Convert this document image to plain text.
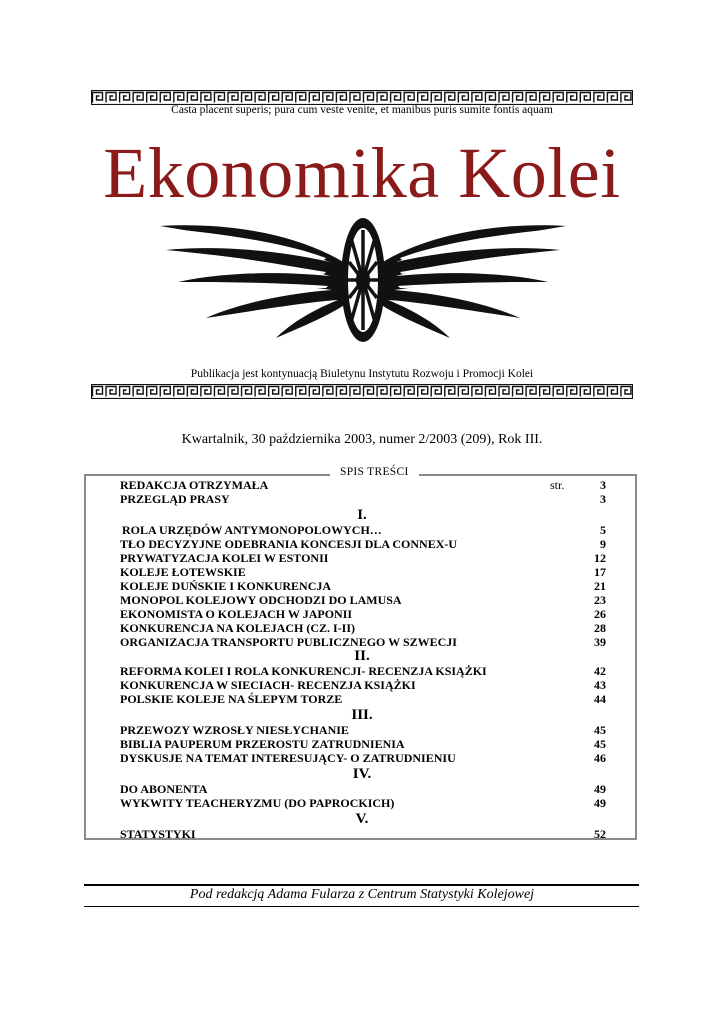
Casta placent superis; pura cum veste venite, et manibus puris sumite fontis aquam
Ekonomika Kolei
Publikacja jest kontynuacją Biuletynu Instytutu Rozwoju i Promocji Kolei
Kwartalnik, 30 października 2003, numer 2/2003 (209), Rok III.
SPIS TREŚCI
REDAKCJA OTRZYMAŁA	str.	3
PRZEGLĄD PRASY	3
I.
ROLA URZĘDÓW ANTYMONOPOLOWYCH…	5
TŁO DECYZYJNE ODEBRANIA KONCESJI DLA CONNEX-U	9
PRYWATYZACJA KOLEI W ESTONII	12
KOLEJE ŁOTEWSKIE	17
KOLEJE DUŃSKIE I KONKURENCJA	21
MONOPOL KOLEJOWY ODCHODZI DO LAMUSA	23
EKONOMISTA O KOLEJACH W JAPONII	26
KONKURENCJA NA KOLEJACH (CZ. I-II)	28
ORGANIZACJA TRANSPORTU PUBLICZNEGO W SZWECJI	39
II.
REFORMA KOLEI I ROLA KONKURENCJI- RECENZJA KSIĄŻKI	42
KONKURENCJA W SIECIACH- RECENZJA KSIĄŻKI	43
POLSKIE KOLEJE NA ŚLEPYM TORZE	44
III.
PRZEWOZY WZROSŁY NIESŁYCHANIE	45
BIBLIA PAUPERUM PRZEROSTU ZATRUDNIENIA	45
DYSKUSJE NA TEMAT INTERESUJĄCY- O ZATRUDNIENIU	46
IV.
DO ABONENTA	49
WYKWITY TEACHERYZMU (DO PAPROCKICH)	49
V.
STATYSTYKI	52
Pod redakcją Adama Fularza z Centrum Statystyki Kolejowej
